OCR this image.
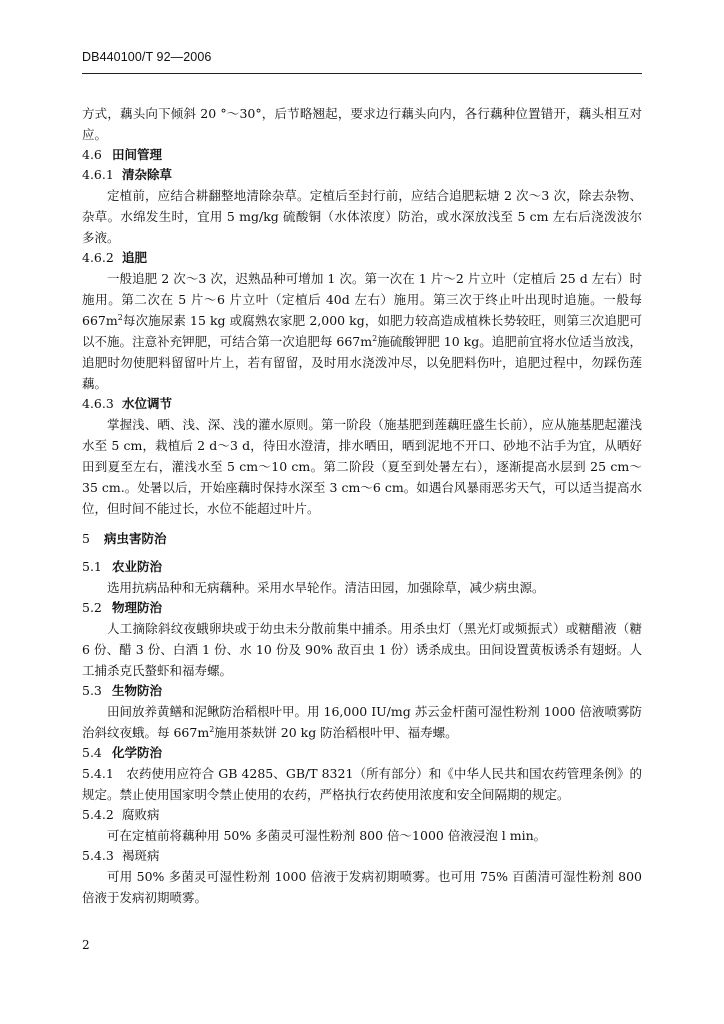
DB440100/T 92—2006

方式，藕头向下倾斜 20 °～30°，后节略翘起，要求边行藕头向内，各行藕种位置错开，藕头相互对应。

4.6 田间管理
4.6.1 清杂除草

定植前，应结合耕翻整地清除杂草。定植后至封行前，应结合追肥耘塘 2 次～3 次，除去杂物、杂草。水绵发生时，宜用 5 mg/kg 硫酸铜（水体浓度）防治，或水深放浅至 5 cm 左右后浇泼波尔多液。

4.6.2 追肥

一般追肥 2 次～3 次，迟熟品种可增加 1 次。第一次在 1 片～2 片立叶（定植后 25 d 左右）时施用。第二次在 5 片～6 片立叶（定植后 40d 左右）施用。第三次于终止叶出现时追施。一般每 $667m^2$每次施尿素 15 kg 或腐熟农家肥 2,000 kg，如肥力较高造成植株长势较旺，则第三次追肥可以不施。注意补充钾肥，可结合第一次追肥每 $667m^2$施硫酸钾肥 10 kg。追肥前宜将水位适当放浅，追肥时勿使肥料留留叶片上，若有留留，及时用水浇泼冲尽，以免肥料伤叶，追肥过程中，勿踩伤莲藕。

4.6.3 水位调节

掌握浅、晒、浅、深、浅的灌水原则。第一阶段（施基肥到莲藕旺盛生长前），应从施基肥起灌浅水至 5 cm，栽植后 2 d～3 d，待田水澄清，排水晒田，晒到泥地不开口、砂地不沾手为宜，从晒好田到夏至左右，灌浅水至 5 cm～10 cm。第二阶段（夏至到处暑左右），逐渐提高水层到 25 cm～35 cm.。处暑以后，开始座藕时保持水深至 3 cm～6 cm。如遇台风暴雨恶劣天气，可以适当提高水位，但时间不能过长，水位不能超过叶片。

5 病虫害防治
5.1 农业防治

选用抗病品种和无病藕种。采用水旱轮作。清洁田园，加强除草，减少病虫源。

5.2 物理防治

人工摘除斜纹夜蛾卵块或于幼虫未分散前集中捕杀。用杀虫灯（黑光灯或频振式）或糖醋液（糖 6 份、醋 3 份、白酒 1 份、水 10 份及 90% 敌百虫 1 份）诱杀成虫。田间设置黄板诱杀有翅蚜。人工捕杀克氏螯虾和福寿螺。

5.3 生物防治

田间放养黄鳝和泥鳅防治稻根叶甲。用 16,000 IU/mg 苏云金杆菌可湿性粉剂 1000 倍液喷雾防治斜纹夜蛾。每 $667m^2$施用茶麸饼 20 kg 防治稻根叶甲、福寿螺。

5.4 化学防治

5.4.1　农药使用应符合 GB 4285、GB/T 8321（所有部分）和《中华人民共和国农药管理条例》的规定。禁止使用国家明令禁止使用的农药，严格执行农药使用浓度和安全间隔期的规定。

5.4.2 腐败病

可在定植前将藕种用 50% 多菌灵可湿性粉剂 800 倍～1000 倍液浸泡 l min。

5.4.3 褐斑病

可用 50% 多菌灵可湿性粉剂 1000 倍液于发病初期喷雾。也可用 75% 百菌清可湿性粉剂 800 倍液于发病初期喷雾。

2
